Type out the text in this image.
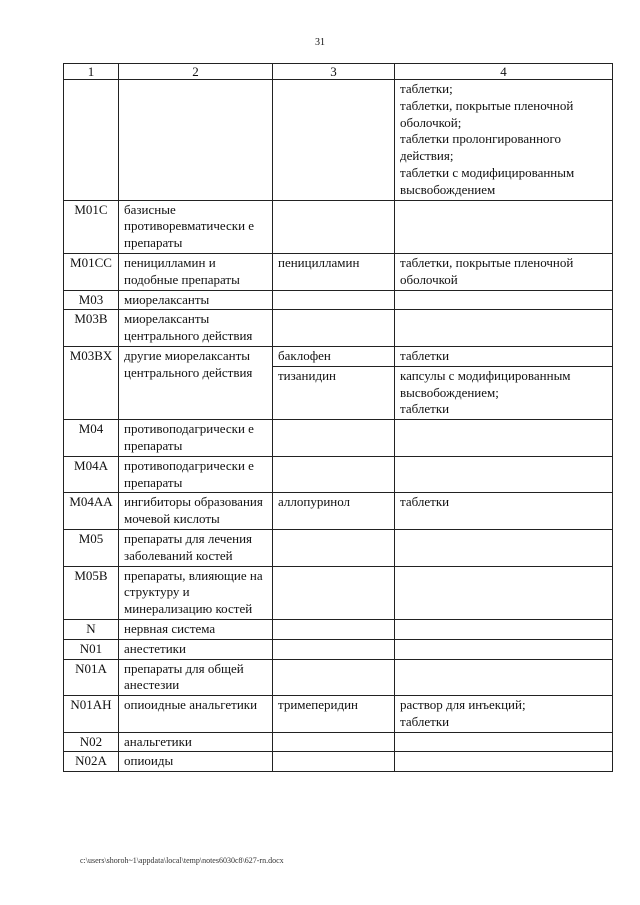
31
1	2	3	4
			таблетки;
таблетки, покрытые пленочной оболочкой;
таблетки пролонгированного действия;
таблетки с модифицированным высвобождением
M01C	базисные противоревматически е препараты		
M01CC	пеницилламин и подобные препараты	пеницилламин	таблетки, покрытые пленочной оболочкой
M03	миорелаксанты		
M03B	миорелаксанты центрального действия		
M03BX	другие миорелаксанты центрального действия	баклофен	таблетки
		тизанидин	капсулы с модифицированным высвобождением;
таблетки
M04	противоподагрически е препараты		
M04A	противоподагрически е препараты		
M04AA	ингибиторы образования мочевой кислоты	аллопуринол	таблетки
M05	препараты для лечения заболеваний костей		
M05B	препараты, влияющие на структуру и минерализацию костей		
N	нервная система		
N01	анестетики		
N01A	препараты для общей анестезии		
N01AH	опиоидные анальгетики	тримеперидин	раствор для инъекций;
таблетки
N02	анальгетики		
N02A	опиоиды		
c:\users\shoroh~1\appdata\local\temp\notes6030c8\627-rn.docx
